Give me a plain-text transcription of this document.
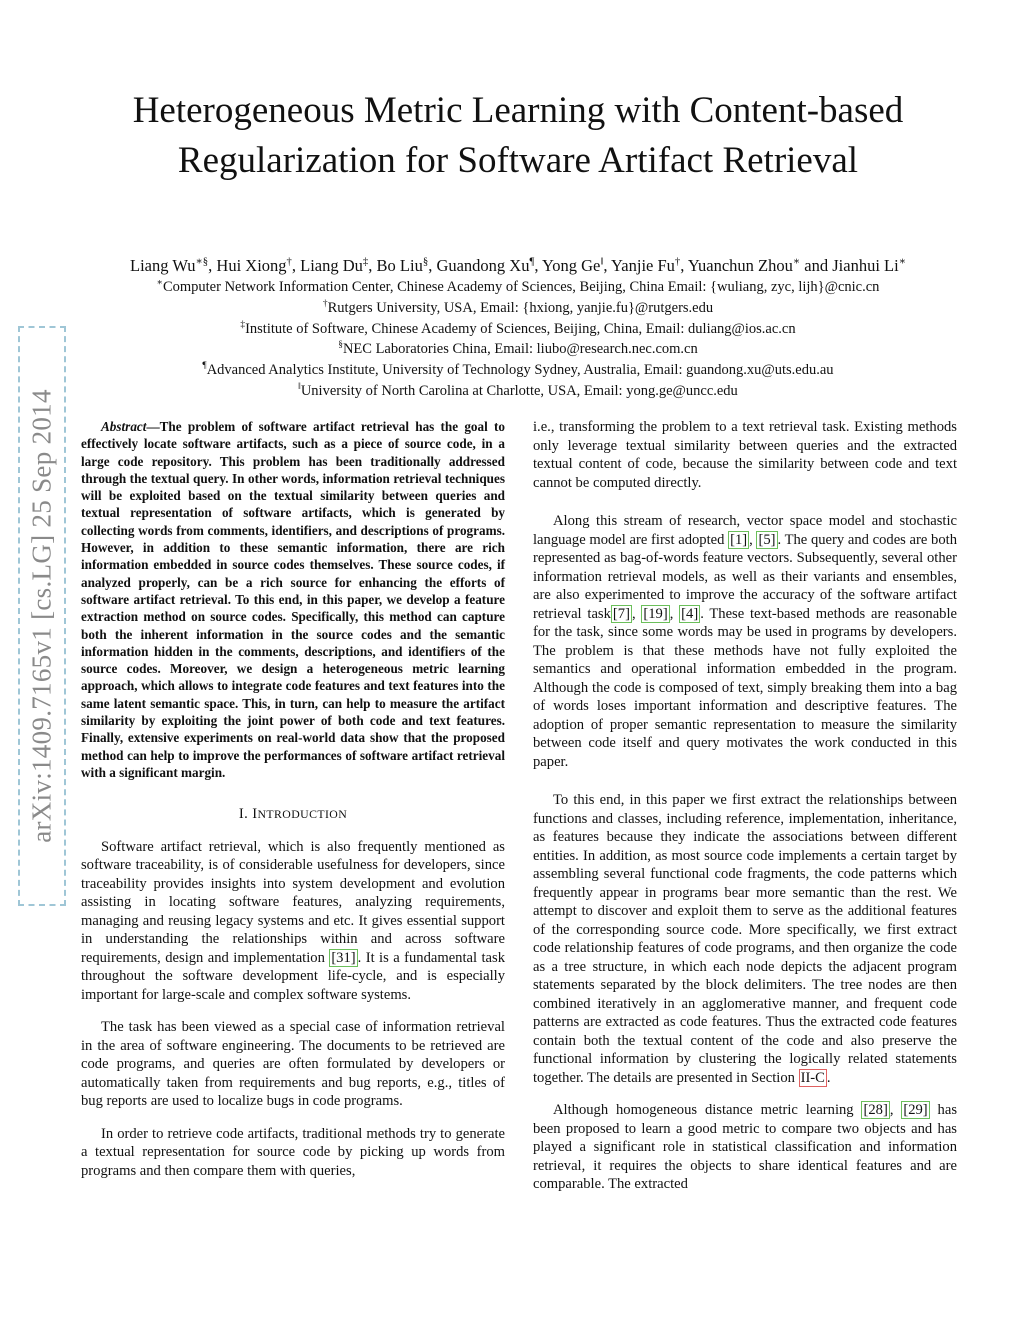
arXiv:1409.7165v1 [cs.LG] 25 Sep 2014
Heterogeneous Metric Learning with Content-based
Regularization for Software Artifact Retrieval
Liang Wu∗§, Hui Xiong†, Liang Du‡, Bo Liu§, Guandong Xu¶, Yong Ge‖, Yanjie Fu†, Yuanchun Zhou∗ and Jianhui Li∗
∗Computer Network Information Center, Chinese Academy of Sciences, Beijing, China Email: {wuliang, zyc, lijh}@cnic.cn
†Rutgers University, USA, Email: {hxiong, yanjie.fu}@rutgers.edu
‡Institute of Software, Chinese Academy of Sciences, Beijing, China, Email: duliang@ios.ac.cn
§NEC Laboratories China, Email: liubo@research.nec.com.cn
¶Advanced Analytics Institute, University of Technology Sydney, Australia, Email: guandong.xu@uts.edu.au
‖University of North Carolina at Charlotte, USA, Email: yong.ge@uncc.edu

Abstract—The problem of software artifact retrieval has the goal to effectively locate software artifacts, such as a piece of source code, in a large code repository. This problem has been traditionally addressed through the textual query. In other words, information retrieval techniques will be exploited based on the textual similarity between queries and textual representation of software artifacts, which is generated by collecting words from comments, identifiers, and descriptions of programs. However, in addition to these semantic information, there are rich information embedded in source codes themselves. These source codes, if analyzed properly, can be a rich source for enhancing the efforts of software artifact retrieval. To this end, in this paper, we develop a feature extraction method on source codes. Specifically, this method can capture both the inherent information in the source codes and the semantic information hidden in the comments, descriptions, and identifiers of the source codes. Moreover, we design a heterogeneous metric learning approach, which allows to integrate code features and text features into the same latent semantic space. This, in turn, can help to measure the artifact similarity by exploiting the joint power of both code and text features. Finally, extensive experiments on real-world data show that the proposed method can help to improve the performances of software artifact retrieval with a significant margin.

I. INTRODUCTION

Software artifact retrieval, which is also frequently mentioned as software traceability, is of considerable usefulness for developers, since traceability provides insights into system development and evolution assisting in locating software features, analyzing requirements, managing and reusing legacy systems and etc. It gives essential support in understanding the relationships within and across software requirements, design and implementation [31] . It is a fundamental task throughout the software development life-cycle, and is especially important for large-scale and complex software systems.

The task has been viewed as a special case of information retrieval in the area of software engineering. The documents to be retrieved are code programs, and queries are often formulated by developers or automatically taken from requirements and bug reports, e.g., titles of bug reports are used to localize bugs in code programs.

In order to retrieve code artifacts, traditional methods try to generate a textual representation for source code by picking up words from programs and then compare them with queries,

i.e., transforming the problem to a text retrieval task. Existing methods only leverage textual similarity between queries and the extracted textual content of code, because the similarity between code and text cannot be computed directly.

Along this stream of research, vector space model and stochastic language model are first adopted [1] , [5] . The query and codes are both represented as bag-of-words feature vectors. Subsequently, several other information retrieval models, as well as their variants and ensembles, are also experimented to improve the accuracy of the software artifact retrieval task [7] , [19] , [4] . These text-based methods are reasonable for the task, since some words may be used in programs by developers. The problem is that these methods have not fully exploited the semantics and operational information embedded in the program. Although the code is composed of text, simply breaking them into a bag of words loses important information and descriptive features. The adoption of proper semantic representation to measure the similarity between code itself and query motivates the work conducted in this paper.

To this end, in this paper we first extract the relationships between functions and classes, including reference, implementation, inheritance, as features because they indicate the associations between different entities. In addition, as most source code implements a certain target by assembling several functional code fragments, the code patterns which frequently appear in programs bear more semantic than the rest. We attempt to discover and exploit them to serve as the additional features of the corresponding source code. More specifically, we first extract code relationship features of code programs, and then organize the code as a tree structure, in which each node depicts the adjacent program statements separated by the block delimiters. The tree nodes are then combined iteratively in an agglomerative manner, and frequent code patterns are extracted as code features. Thus the extracted code features contain both the textual content of the code and also preserve the functional information by clustering the logically related statements together. The details are presented in Section II-C .

Although homogeneous distance metric learning [28] , [29] has been proposed to learn a good metric to compare two objects and has played a significant role in statistical classification and information retrieval, it requires the objects to share identical features and are comparable. The extracted
